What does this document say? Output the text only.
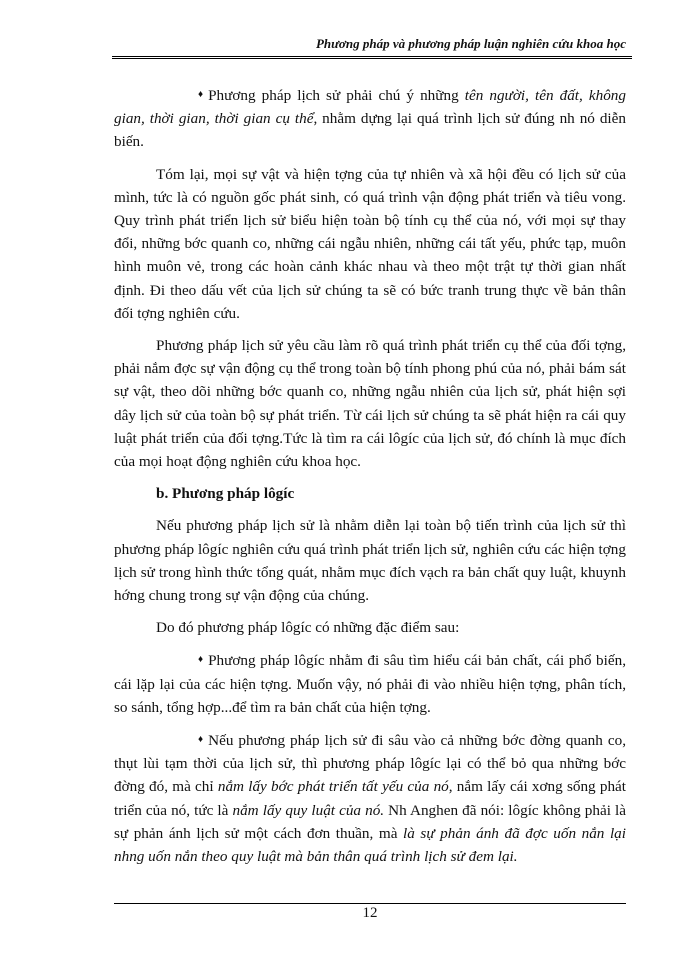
Phương pháp và phương pháp luận nghiên cứu khoa học

♦ Phương pháp lịch sử phải chú ý những tên người, tên đất, không gian, thời gian, thời gian cụ thể, nhằm dựng lại quá trình lịch sử đúng nh nó diễn biến.

Tóm lại, mọi sự vật và hiện tợng của tự nhiên và xã hội đều có lịch sử của mình, tức là có nguồn gốc phát sinh, có quá trình vận động phát triển và tiêu vong. Quy trình phát triển lịch sử biểu hiện toàn bộ tính cụ thể của nó, với mọi sự thay đổi, những bớc quanh co, những cái ngẫu nhiên, những cái tất yếu, phức tạp, muôn hình muôn vẻ, trong các hoàn cảnh khác nhau và theo một trật tự thời gian nhất định. Đi theo dấu vết của lịch sử chúng ta sẽ có bức tranh trung thực về bản thân đối tợng nghiên cứu.

Phương pháp lịch sử yêu cầu làm rõ quá trình phát triển cụ thể của đối tợng, phải nắm đợc sự vận động cụ thể trong toàn bộ tính phong phú của nó, phải bám sát sự vật, theo dõi những bớc quanh co, những ngẫu nhiên của lịch sử, phát hiện sợi dây lịch sử của toàn bộ sự phát triển. Từ cái lịch sử chúng ta sẽ phát hiện ra cái quy luật phát triển của đối tợng.Tức là tìm ra cái lôgíc của lịch sử, đó chính là mục đích của mọi hoạt động nghiên cứu khoa học.

b. Phương pháp lôgíc

Nếu phương pháp lịch sử là nhằm diễn lại toàn bộ tiến trình của lịch sử thì phương pháp lôgíc nghiên cứu quá trình phát triển lịch sử, nghiên cứu các hiện tợng lịch sử trong hình thức tổng quát, nhằm mục đích vạch ra bản chất quy luật, khuynh hớng chung trong sự vận động của chúng.

Do đó phương pháp lôgíc có những đặc điểm sau:

♦ Phương pháp lôgíc nhằm đi sâu tìm hiểu cái bản chất, cái phổ biến, cái lặp lại của các hiện tợng. Muốn vậy, nó phải đi vào nhiều hiện tợng, phân tích, so sánh, tổng hợp...để tìm ra bản chất của hiện tợng.

♦ Nếu phương pháp lịch sử đi sâu vào cả những bớc đờng quanh co, thụt lùi tạm thời của lịch sử, thì phương pháp lôgíc lại có thể bỏ qua những bớc đờng đó, mà chỉ nắm lấy bớc phát triển tất yếu của nó, nắm lấy cái xơng sống phát triển của nó, tức là nắm lấy quy luật của nó. Nh Anghen đã nói: lôgíc không phải là sự phản ánh lịch sử một cách đơn thuần, mà là sự phản ánh đã đợc uốn nắn lại nhng uốn nắn theo quy luật mà bản thân quá trình lịch sử đem lại.

12
